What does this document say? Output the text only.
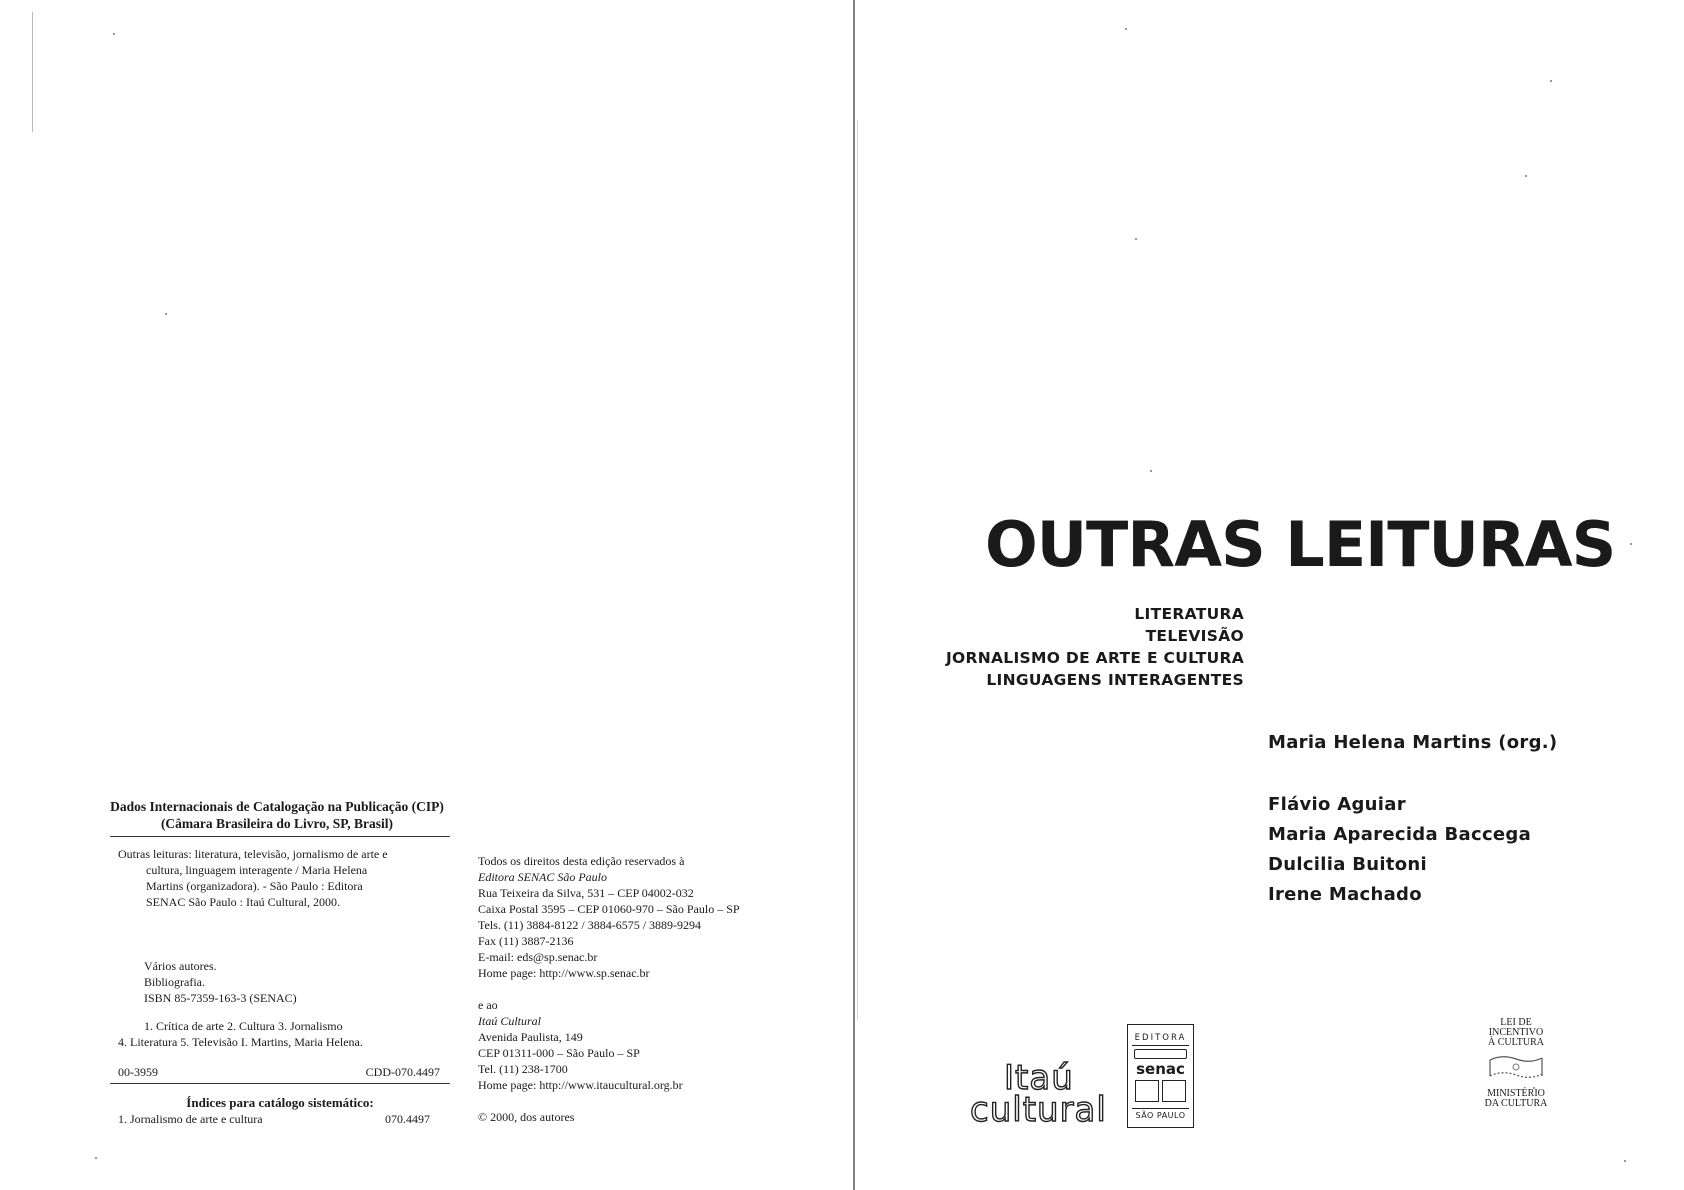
Dados Internacionais de Catalogação na Publicação (CIP)
(Câmara Brasileira do Livro, SP, Brasil)
Outras leituras: literatura, televisão, jornalismo de arte e
cultura, linguagem interagente / Maria Helena
Martins (organizadora). - São Paulo : Editora
SENAC São Paulo : Itaú Cultural, 2000.
Vários autores.
Bibliografia.
ISBN 85-7359-163-3 (SENAC)
1. Crítica de arte 2. Cultura 3. Jornalismo
4. Literatura 5. Televisão I. Martins, Maria Helena.
00-3959	CDD-070.4497
Índices para catálogo sistemático:
1. Jornalismo de arte e cultura	070.4497
Todos os direitos desta edição reservados à
Editora SENAC São Paulo
Rua Teixeira da Silva, 531 – CEP 04002-032
Caixa Postal 3595 – CEP 01060-970 – São Paulo – SP
Tels. (11) 3884-8122 / 3884-6575 / 3889-9294
Fax (11) 3887-2136
E-mail: eds@sp.senac.br
Home page: http://www.sp.senac.br
e ao
Itaú Cultural
Avenida Paulista, 149
CEP 01311-000 – São Paulo – SP
Tel. (11) 238-1700
Home page: http://www.itaucultural.org.br
© 2000, dos autores
OUTRAS LEITURAS
LITERATURA
TELEVISÃO
JORNALISMO DE ARTE E CULTURA
LINGUAGENS INTERAGENTES
Maria Helena Martins (org.)
Flávio Aguiar
Maria Aparecida Baccega
Dulcilia Buitoni
Irene Machado
Itaú
cultural
EDITORA
senac
SÃO PAULO
LEI DE
INCENTIVO
À CULTURA
MINISTÉRIO
DA CULTURA
